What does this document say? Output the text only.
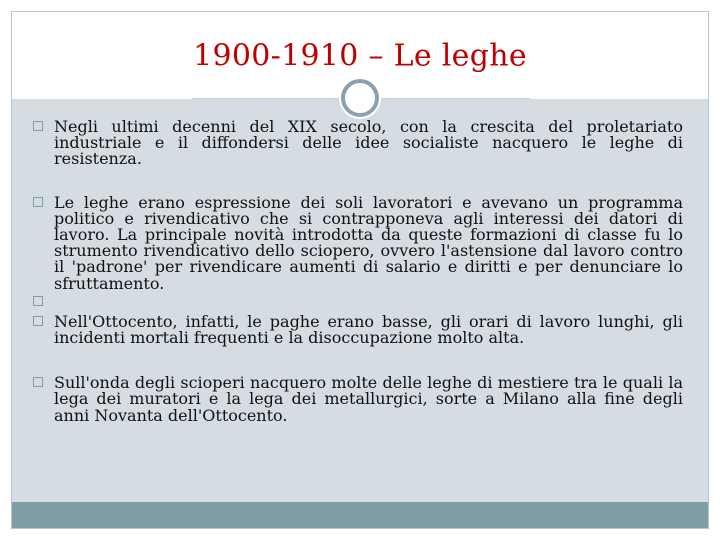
1900-1910 – Le leghe
Negli ultimi decenni del XIX secolo, con la crescita del proletariato industriale e il diffondersi delle idee socialiste nacquero le leghe di resistenza.
Le leghe erano espressione dei soli lavoratori e avevano un programma politico e rivendicativo che si contrapponeva agli interessi dei datori di lavoro. La principale novità introdotta da queste formazioni di classe fu lo strumento rivendicativo dello sciopero, ovvero l'astensione dal lavoro contro il 'padrone' per rivendicare aumenti di salario e diritti e per denunciare lo sfruttamento.
Nell'Ottocento, infatti, le paghe erano basse, gli orari di lavoro lunghi, gli incidenti mortali frequenti e la disoccupazione molto alta.
Sull'onda degli scioperi nacquero molte delle leghe di mestiere tra le quali la lega dei muratori e la lega dei metallurgici, sorte a Milano alla fine degli anni Novanta dell'Ottocento.
